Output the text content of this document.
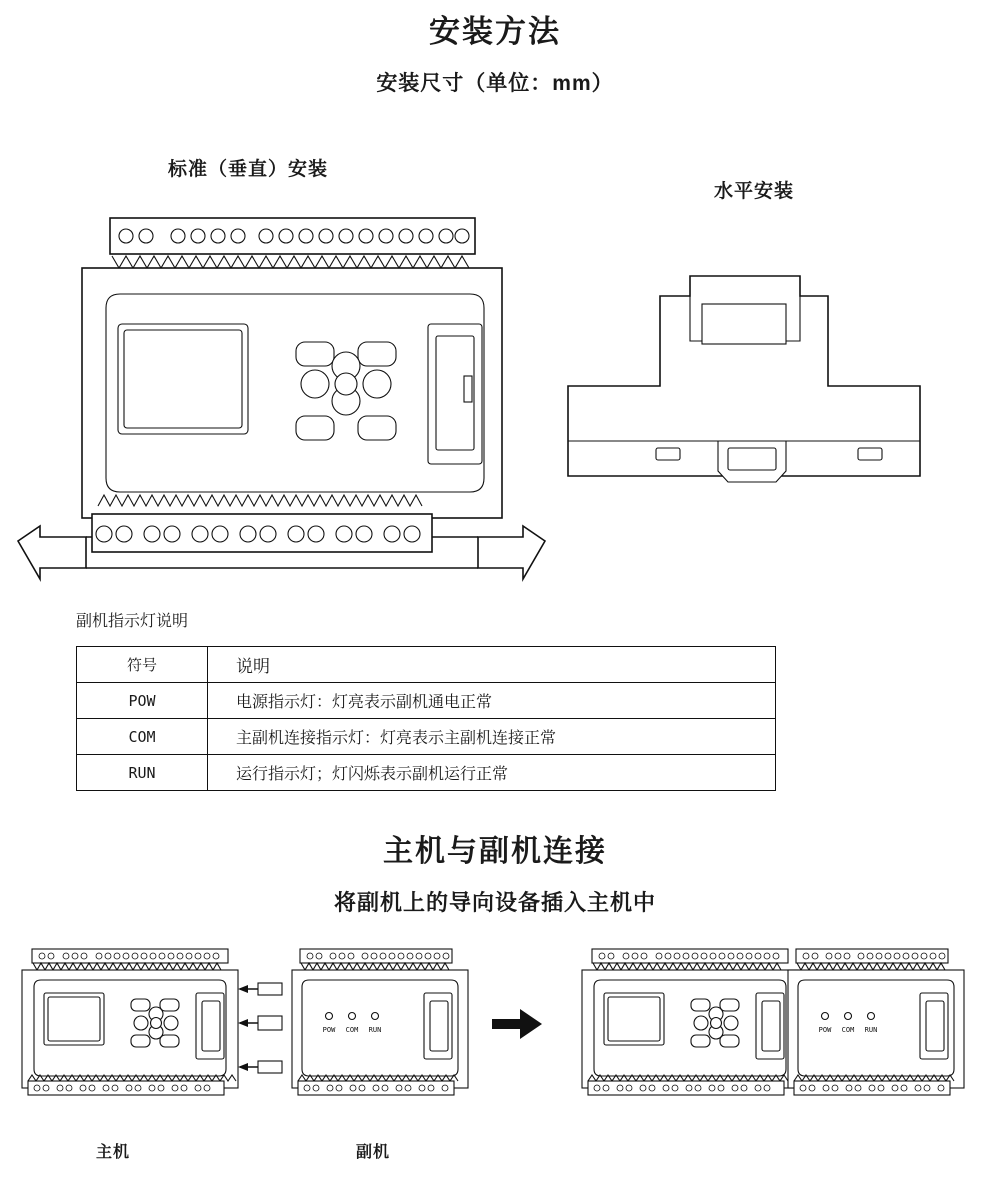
安装方法
安装尺寸（单位：mm）
标准（垂直）安装
水平安装
副机指示灯说明
符号	说明
POW	电源指示灯：灯亮表示副机通电正常
COM	主副机连接指示灯：灯亮表示主副机连接正常
RUN	运行指示灯；灯闪烁表示副机运行正常
主机与副机连接
将副机上的导向设备插入主机中
POW COM RUN	POW COM RUN
主机	副机
